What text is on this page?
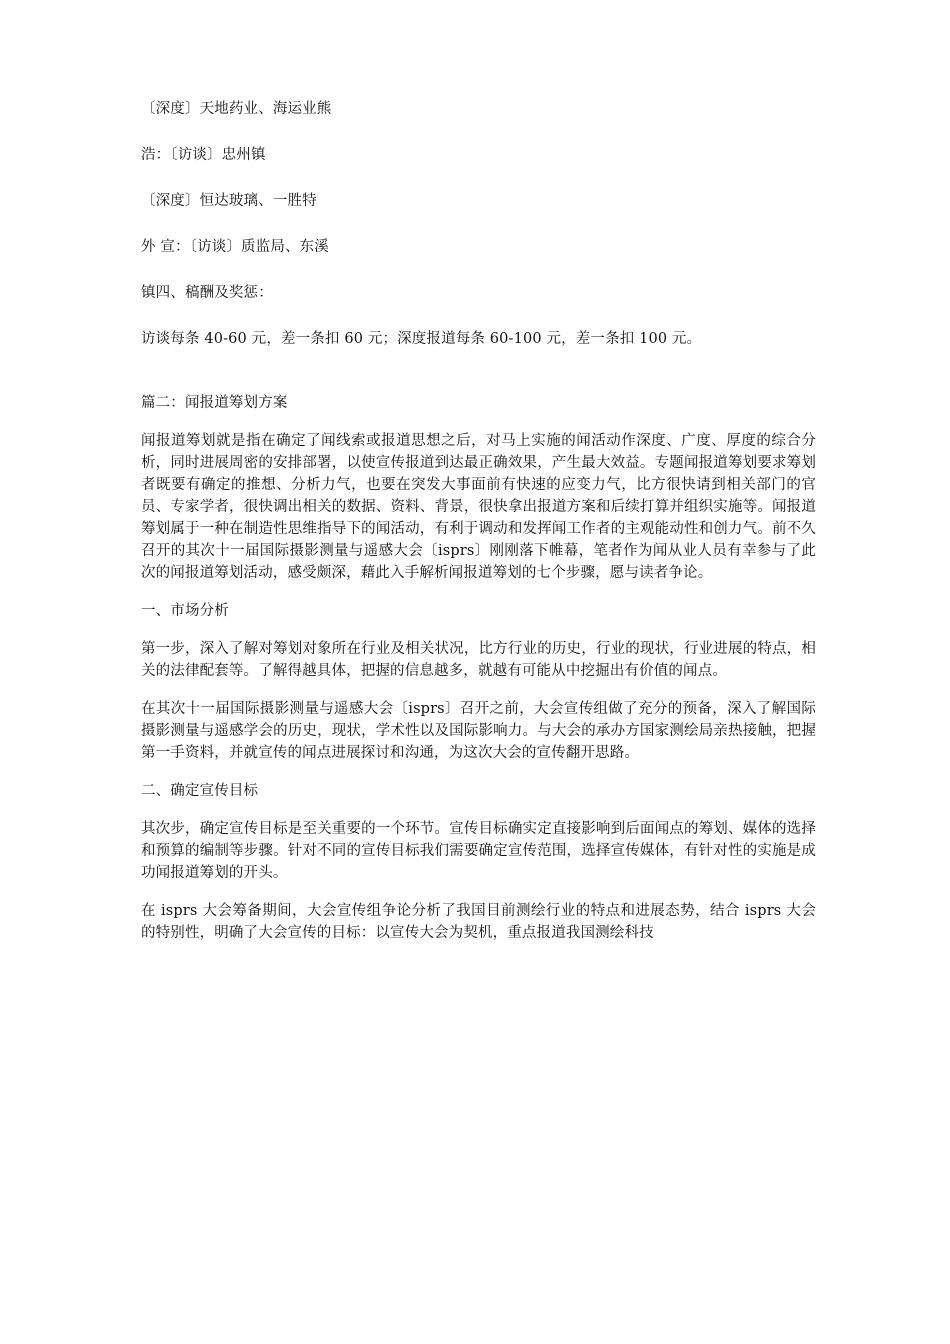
〔深度〕天地药业、海运业熊

浩：〔访谈〕忠州镇

〔深度〕恒达玻璃、一胜特

外 宣：〔访谈〕质监局、东溪

镇四、稿酬及奖惩：

访谈每条 40-60 元，差一条扣 60 元；深度报道每条 60-100 元，差一条扣 100 元。

篇二：闻报道筹划方案

闻报道筹划就是指在确定了闻线索或报道思想之后，对马上实施的闻活动作深度、广度、厚度的综合分析，同时进展周密的安排部署，以使宣传报道到达最正确效果，产生最大效益。专题闻报道筹划要求筹划者既要有确定的推想、分析力气，也要在突发大事面前有快速的应变力气，比方很快请到相关部门的官员、专家学者，很快调出相关的数据、资料、背景，很快拿出报道方案和后续打算并组织实施等。闻报道筹划属于一种在制造性思维指导下的闻活动，有利于调动和发挥闻工作者的主观能动性和创力气。前不久召开的其次十一届国际摄影测量与遥感大会〔isprs〕刚刚落下帷幕，笔者作为闻从业人员有幸参与了此次的闻报道筹划活动，感受颇深，藉此入手解析闻报道筹划的七个步骤，愿与读者争论。

一、市场分析

第一步，深入了解对筹划对象所在行业及相关状况，比方行业的历史，行业的现状，行业进展的特点，相关的法律配套等。了解得越具体，把握的信息越多，就越有可能从中挖掘出有价值的闻点。

在其次十一届国际摄影测量与遥感大会〔isprs〕召开之前，大会宣传组做了充分的预备，深入了解国际摄影测量与遥感学会的历史，现状，学术性以及国际影响力。与大会的承办方国家测绘局亲热接触，把握第一手资料，并就宣传的闻点进展探讨和沟通，为这次大会的宣传翻开思路。

二、确定宣传目标

其次步，确定宣传目标是至关重要的一个环节。宣传目标确实定直接影响到后面闻点的筹划、媒体的选择和预算的编制等步骤。针对不同的宣传目标我们需要确定宣传范围，选择宣传媒体，有针对性的实施是成功闻报道筹划的开头。

在 isprs 大会筹备期间，大会宣传组争论分析了我国目前测绘行业的特点和进展态势，结合 isprs 大会的特别性，明确了大会宣传的目标：以宣传大会为契机，重点报道我国测绘科技
